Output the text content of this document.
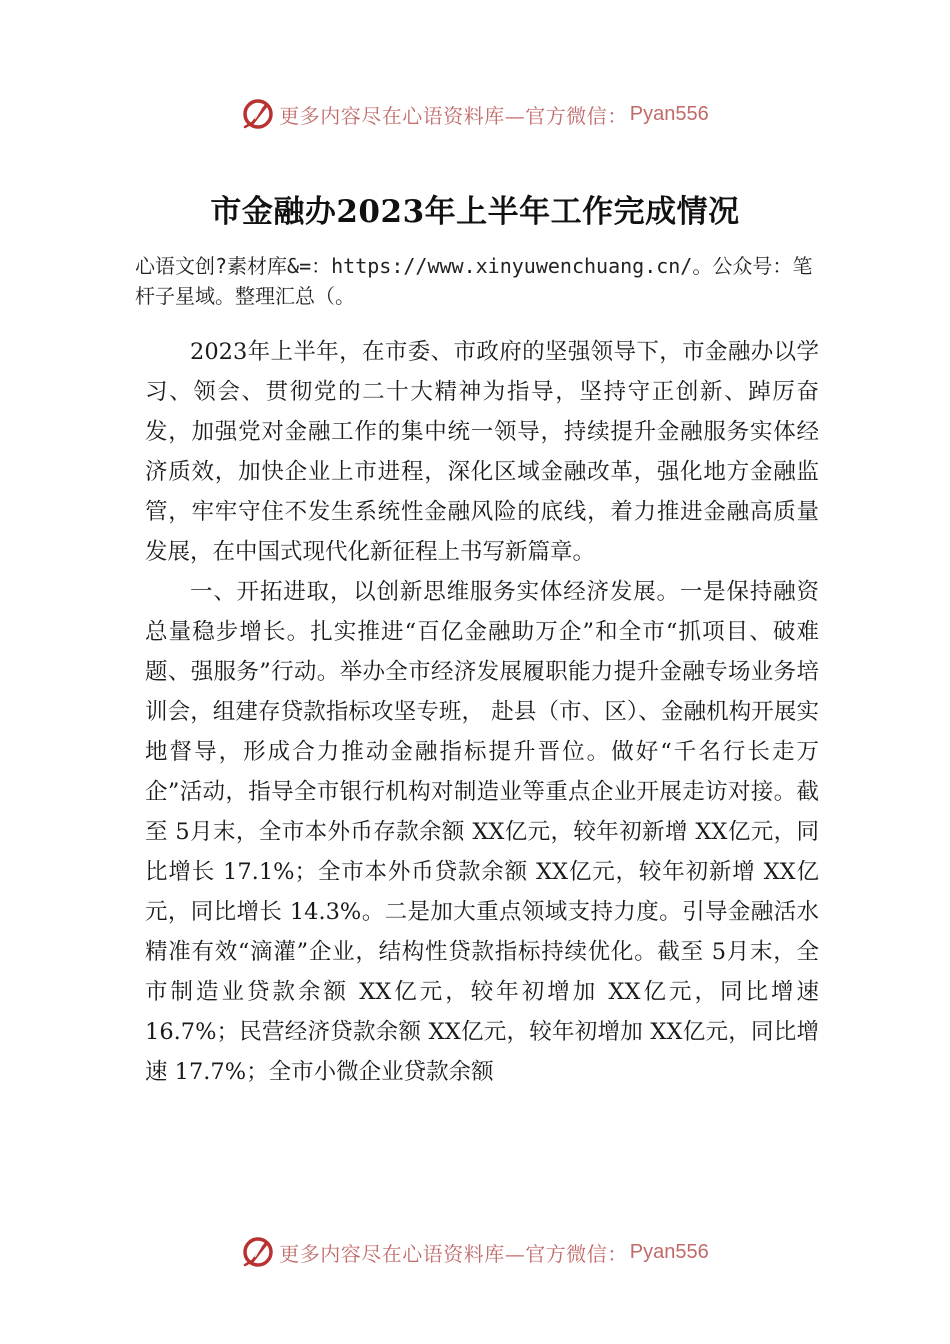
更多内容尽在心语资料库—官方微信： Pyan556
市金融办2023年上半年工作完成情况

心语文创?素材库&=：https://www.xinyuwenchuang.cn/。公众号：笔杆子星域。整理汇总（。

2023年上半年，在市委、市政府的坚强领导下，市金融办以学习、领会、贯彻党的二十大精神为指导，坚持守正创新、踔厉奋发，加强党对金融工作的集中统一领导，持续提升金融服务实体经济质效，加快企业上市进程，深化区域金融改革，强化地方金融监管，牢牢守住不发生系统性金融风险的底线，着力推进金融高质量发展，在中国式现代化新征程上书写新篇章。

一、开拓进取，以创新思维服务实体经济发展。一是保持融资总量稳步增长。扎实推进“百亿金融助万企”和全市“抓项目、破难题、强服务”行动。举办全市经济发展履职能力提升金融专场业务培训会，组建存贷款指标攻坚专班， 赴县（市、区）、金融机构开展实地督导，形成合力推动金融指标提升晋位。做好“千名行长走万企”活动，指导全市银行机构对制造业等重点企业开展走访对接。截至 5月末，全市本外币存款余额 XX亿元，较年初新增 XX亿元，同比增长 17.1%；全市本外币贷款余额 XX亿元，较年初新增 XX亿元，同比增长 14.3%。二是加大重点领域支持力度。引导金融活水精准有效“滴灌”企业，结构性贷款指标持续优化。截至 5月末，全市制造业贷款余额 XX亿元，较年初增加 XX亿元，同比增速 16.7%；民营经济贷款余额 XX亿元，较年初增加 XX亿元，同比增速 17.7%；全市小微企业贷款余额

更多内容尽在心语资料库—官方微信： Pyan556
